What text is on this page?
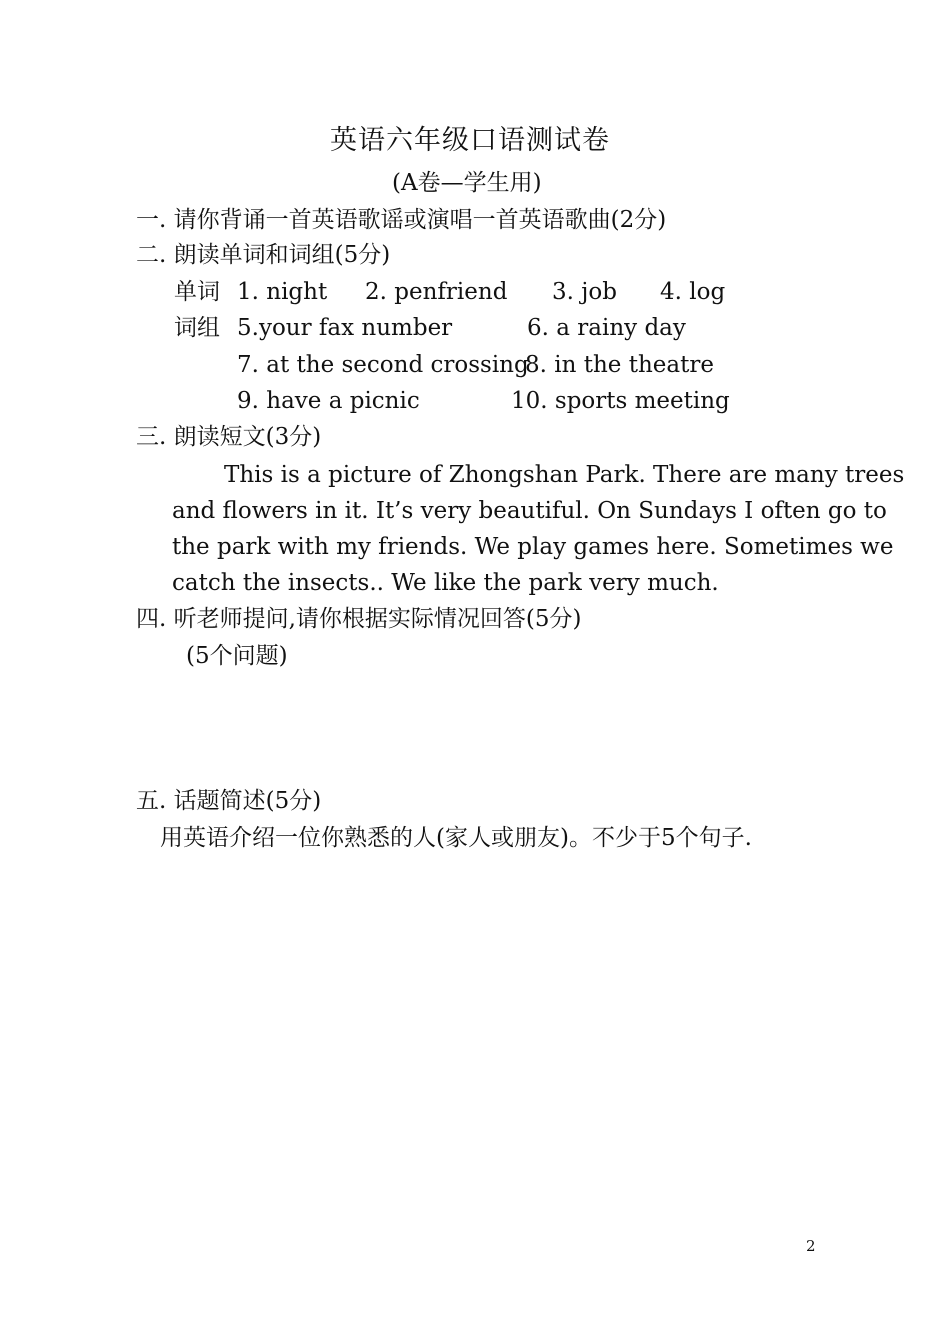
英语六年级口语测试卷
(A卷—学生用)
一. 请你背诵一首英语歌谣或演唱一首英语歌曲(2分)
二. 朗读单词和词组(5分)
单词 1. night 2. penfriend 3. job 4. log
词组 5.your fax number	6. a rainy day
7. at the second crossing
8. in the theatre
9. have a picnic	10. sports meeting
三. 朗读短文(3分)
This is a picture of Zhongshan Park. There are many trees
and flowers in it. It’s very beautiful. On Sundays I often go to
the park with my friends. We play games here. Sometimes we
catch the insects.. We like the park very much.
四. 听老师提问,请你根据实际情况回答(5分)
(5个问题)
五. 话题简述(5分)
用英语介绍一位你熟悉的人(家人或朋友)。不少于5个句子.
2
